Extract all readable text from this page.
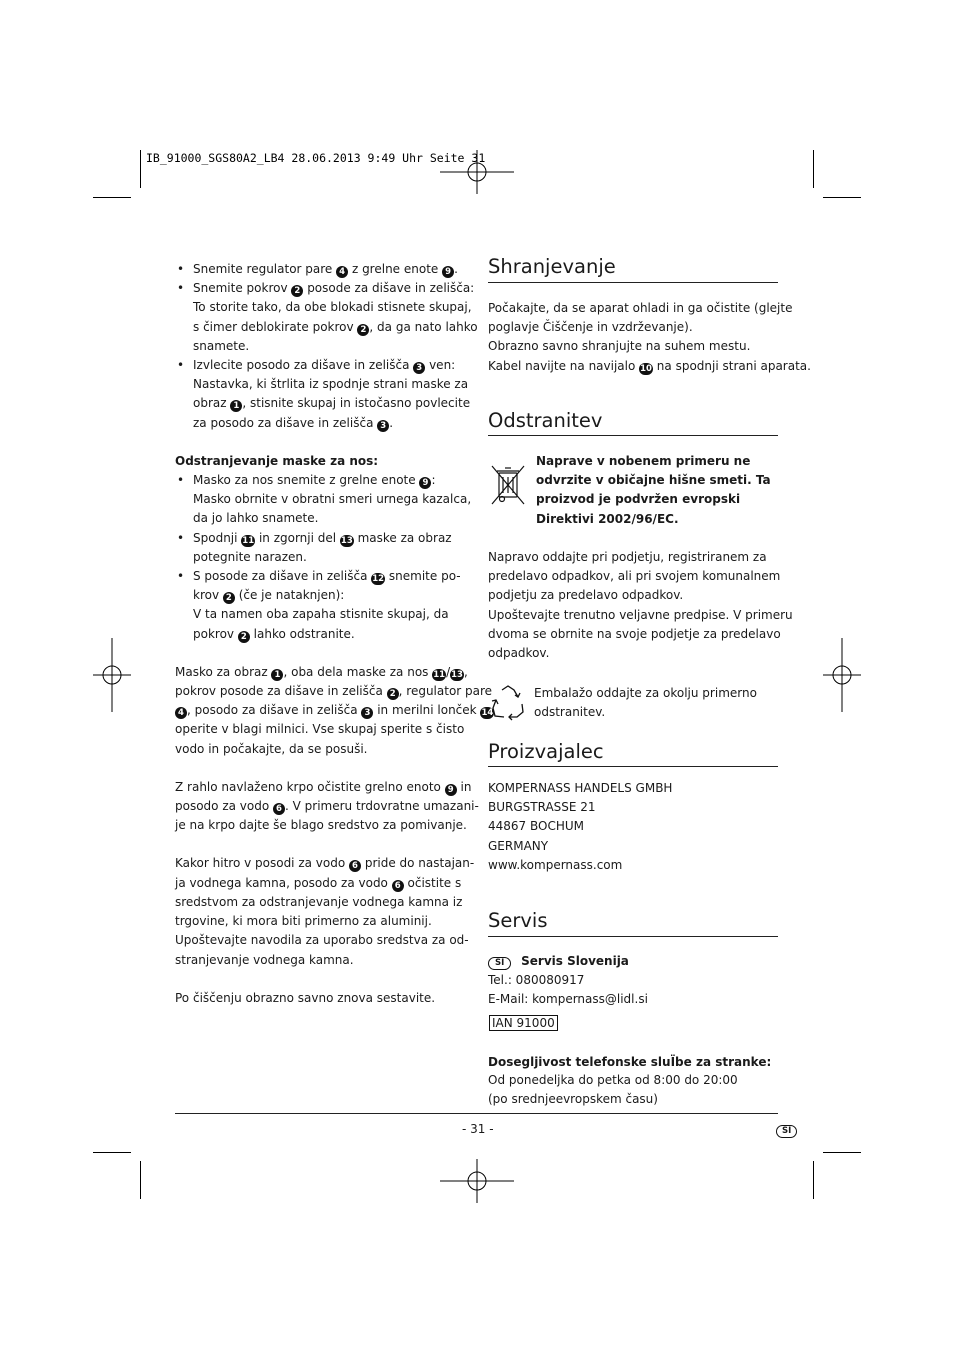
IB_91000_SGS80A2_LB4 28.06.2013 9:49 Uhr Seite 31
• Snemite regulator pare 4 z grelne enote 9 .
• Snemite pokrov 2 posode za dišave in zelišča:
To storite tako, da obe blokadi stisnete skupaj,
s čimer deblokirate pokrov 2 , da ga nato lahko
snamete.
• Izvlecite posodo za dišave in zelišča 3 ven:
Nastavka, ki štrlita iz spodnje strani maske za
obraz 1 , stisnite skupaj in istočasno povlecite
za posodo za dišave in zelišča 3 .
Odstranjevanje maske za nos:
• Masko za nos snemite z grelne enote 9 :
Masko obrnite v obratni smeri urnega kazalca,
da jo lahko snamete.
• Spodnji 11 in zgornji del 13 maske za obraz
potegnite narazen.
• S posode za dišave in zelišča 12 snemite po-
krov 2 (če je nataknjen):
V ta namen oba zapaha stisnite skupaj, da
pokrov 2 lahko odstranite.
Masko za obraz 1 , oba dela maske za nos 11/13,
pokrov posode za dišave in zelišča 2 , regulator pare
4 , posodo za dišave in zelišča 3 in merilni lonček 14
operite v blagi milnici. Vse skupaj sperite s čisto
vodo in počakajte, da se posuši.
Z rahlo navlaženo krpo očistite grelno enoto 9 in
posodo za vodo 6 . V primeru trdovratne umazani-
je na krpo dajte še blago sredstvo za pomivanje.
Kakor hitro v posodi za vodo 6 pride do nastajan-
ja vodnega kamna, posodo za vodo 6 očistite s
sredstvom za odstranjevanje vodnega kamna iz
trgovine, ki mora biti primerno za aluminij.
Upoštevajte navodila za uporabo sredstva za od-
stranjevanje vodnega kamna.
Po čiščenju obrazno savno znova sestavite.
Shranjevanje
Počakajte, da se aparat ohladi in ga očistite (glejte
poglavje Čiščenje in vzdrževanje).
Obrazno savno shranjujte na suhem mestu.
Kabel navijte na navijalo 10 na spodnji strani aparata.
Odstranitev
Naprave v nobenem primeru ne
odvrzite v običajne hišne smeti. Ta
proizvod je podvržen evropski
Direktivi 2002/96/EC.
Napravo oddajte pri podjetju, registriranem za
predelavo odpadkov, ali pri svojem komunalnem
podjetju za predelavo odpadkov.
Upoštevajte trenutno veljavne predpise. V primeru
dvoma se obrnite na svoje podjetje za predelavo
odpadkov.
Embalažo oddajte za okolju primerno
odstranitev.
Proizvajalec
KOMPERNASS HANDELS GMBH
BURGSTRASSE 21
44867 BOCHUM
GERMANY
www.kompernass.com
Servis
SI Servis Slovenija
Tel.: 080080917
E-Mail: kompernass@lidl.si
IAN 91000
Dosegljivost telefonske sluÏbe za stranke:
Od ponedeljka do petka od 8:00 do 20:00
(po srednjeevropskem času)
- 31 -	SI
